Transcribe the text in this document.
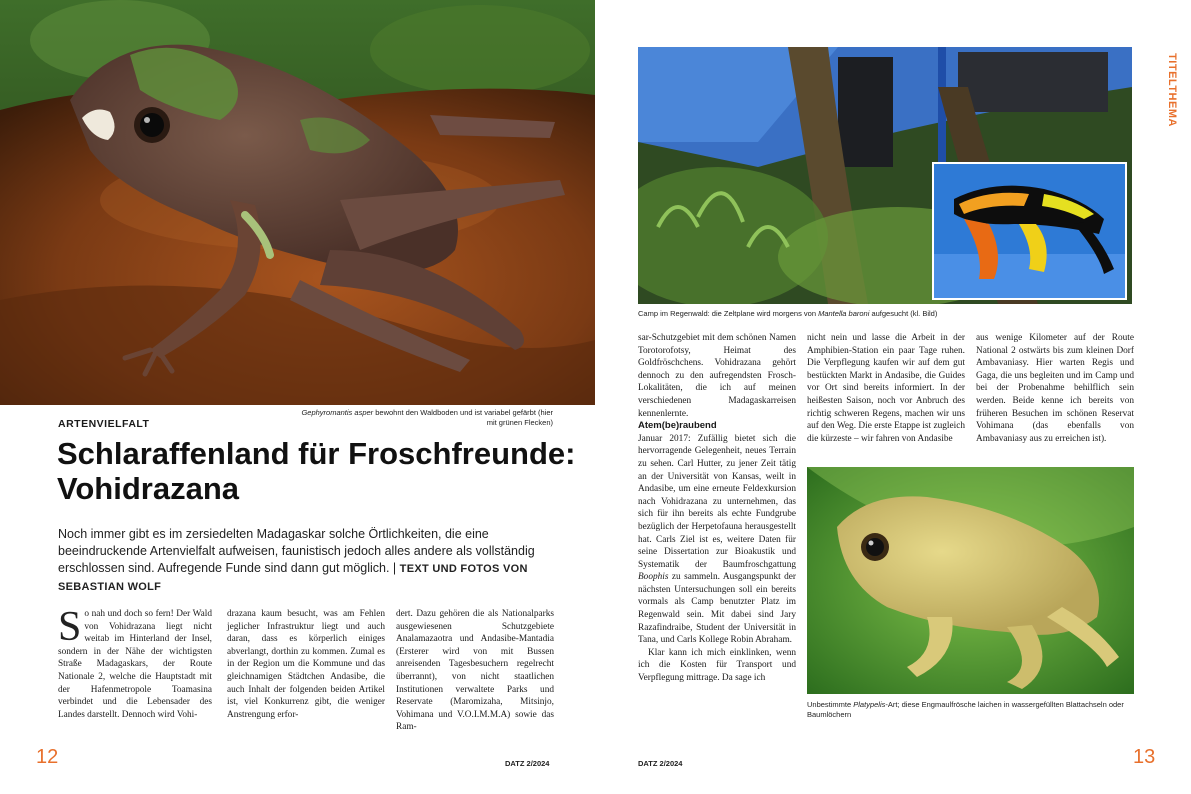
TITELTHEMA
Gephyromantis asper bewohnt den Waldboden und ist variabel gefärbt (hier mit grünen Flecken)
ARTENVIELFALT
Schlaraffenland für Froschfreunde: Vohidrazana
Noch immer gibt es im zersiedelten Madagaskar solche Örtlichkeiten, die eine beeindruckende Artenvielfalt aufweisen, faunistisch jedoch alles andere als vollständig erschlossen sind. Aufregende Funde sind dann gut möglich. | TEXT UND FOTOS VON SEBASTIAN WOLF

So nah und doch so fern! Der Wald von Vohidrazana liegt nicht weitab im Hinterland der Insel, sondern in der Nähe der wichtigsten Straße Madagaskars, der Route Nationale 2, welche die Hauptstadt mit der Hafenmetropole Toamasina verbindet und die Lebensader des Landes darstellt. Dennoch wird Vohi-

drazana kaum besucht, was am Fehlen jeglicher Infrastruktur liegt und auch daran, dass es körperlich einiges abverlangt, dorthin zu kommen. Zumal es in der Region um die Kommune und das gleichnamigen Städtchen Andasibe, die auch Inhalt der folgenden beiden Artikel ist, viel Konkurrenz gibt, die weniger Anstrengung erfor-

dert. Dazu gehören die als Nationalparks ausgewiesenen Schutzgebiete Analamazaotra und Andasibe-Mantadia (Ersterer wird von mit Bussen anreisenden Tagesbesuchern regelrecht überrannt), von nicht staatlichen Institutionen verwaltete Parks und Reservate (Maromizaha, Mitsinjo, Vohimana und V.O.I.M.M.A) sowie das Ram-

Camp im Regenwald: die Zeltplane wird morgens von Mantella baroni aufgesucht (kl. Bild)

sar-Schutzgebiet mit dem schönen Namen Torotorofotsy, Heimat des Goldfröschchens. Vohidrazana gehört dennoch zu den aufregendsten Frosch-Lokalitäten, die ich auf meinen verschiedenen Madagaskarreisen kennenlernte.

Atem(be)raubend

Januar 2017: Zufällig bietet sich die hervorragende Gelegenheit, neues Terrain zu sehen. Carl Hutter, zu jener Zeit tätig an der Universität von Kansas, weilt in Andasibe, um eine erneute Feldexkursion nach Vohidrazana zu unternehmen, das sich für ihn bereits als echte Fundgrube bezüglich der Herpetofauna herausgestellt hat. Carls Ziel ist es, weitere Daten für seine Dissertation zur Bioakustik und Systematik der Baumfroschgattung Boophis zu sammeln. Ausgangspunkt der nächsten Untersuchungen soll ein bereits vormals als Camp benutzter Platz im Regenwald sein. Mit dabei sind Jary Razafindraibe, Student der Universität in Tana, und Carls Kollege Robin Abraham.

Klar kann ich mich einklinken, wenn ich die Kosten für Transport und Verpflegung mittrage. Da sage ich

nicht nein und lasse die Arbeit in der Amphibien-Station ein paar Tage ruhen. Die Verpflegung kaufen wir auf dem gut bestückten Markt in Andasibe, die Guides vor Ort sind bereits informiert. In der heißesten Saison, noch vor Anbruch des richtig schweren Regens, machen wir uns auf den Weg. Die erste Etappe ist zugleich die kürzeste – wir fahren von Andasibe

aus wenige Kilometer auf der Route National 2 ostwärts bis zum kleinen Dorf Ambavaniasy. Hier warten Regis und Gaga, die uns begleiten und im Camp und bei der Probenahme behilflich sein werden. Beide kenne ich bereits von früheren Besuchen im schönen Reservat Vohimana (das ebenfalls von Ambavaniasy aus zu erreichen ist).

Unbestimmte Platypelis-Art; diese Engmaulfrösche laichen in wassergefüllten Blattachseln oder Baumlöchern
12	DATZ 2/2024	DATZ 2/2024	13
